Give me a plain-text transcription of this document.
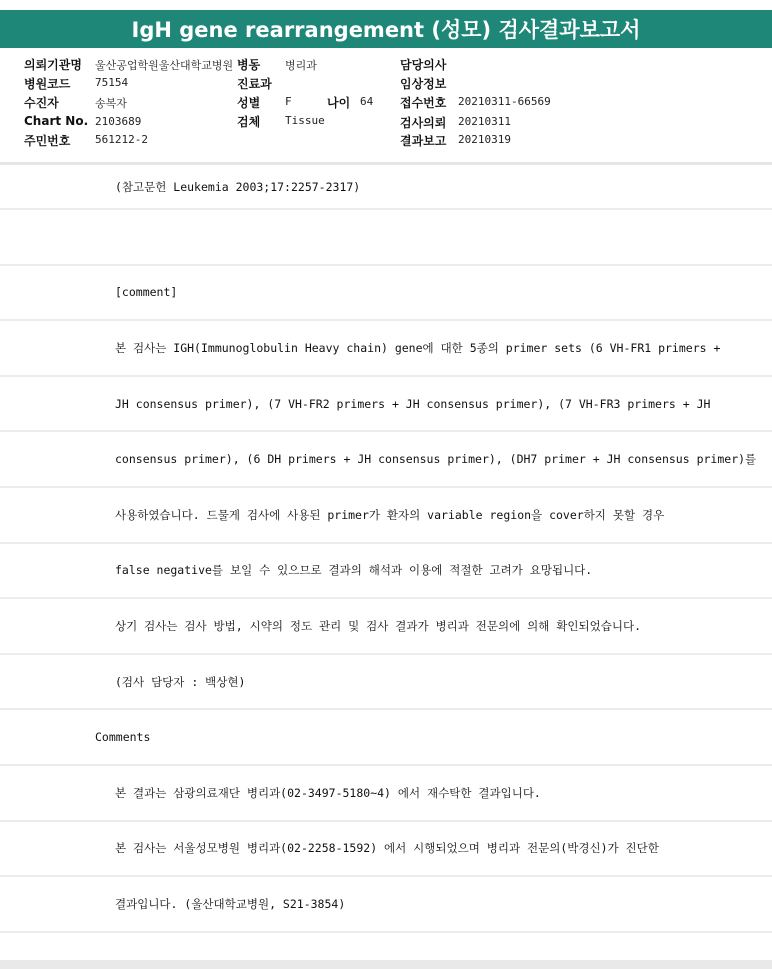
IgH gene rearrangement (성모) 검사결과보고서
의뢰기관명 울산공업학원울산대학교병원
병원코드 75154
수진자	송복자
Chart No. 2103689
주민번호 561212-2
병동 병리과
진료과
성별 F	나이 64
검체 Tissue
담당의사
임상정보
접수번호 20210311-66569
검사의뢰 20210311
결과보고 20210319
(참고문헌 Leukemia 2003;17:2257-2317)
[comment]
본 검사는 IGH(Immunoglobulin Heavy chain) gene에 대한 5종의 primer sets (6 VH-FR1 primers +
JH consensus primer), (7 VH-FR2 primers + JH consensus primer), (7 VH-FR3 primers + JH
consensus primer), (6 DH primers + JH consensus primer), (DH7 primer + JH consensus primer)를
사용하였습니다. 드물게 검사에 사용된 primer가 환자의 variable region을 cover하지 못할 경우
false negative를 보일 수 있으므로 결과의 해석과 이용에 적절한 고려가 요망됩니다.
상기 검사는 검사 방법, 시약의 정도 관리 및 검사 결과가 병리과 전문의에 의해 확인되었습니다.
(검사 담당자 : 백상현)
Comments
본 결과는 삼광의료재단 병리과(02-3497-5180~4) 에서 재수탁한 결과입니다.
본 검사는 서울성모병원 병리과(02-2258-1592) 에서 시행되었으며 병리과 전문의(박경신)가 진단한
결과입니다. (울산대학교병원, S21-3854)
